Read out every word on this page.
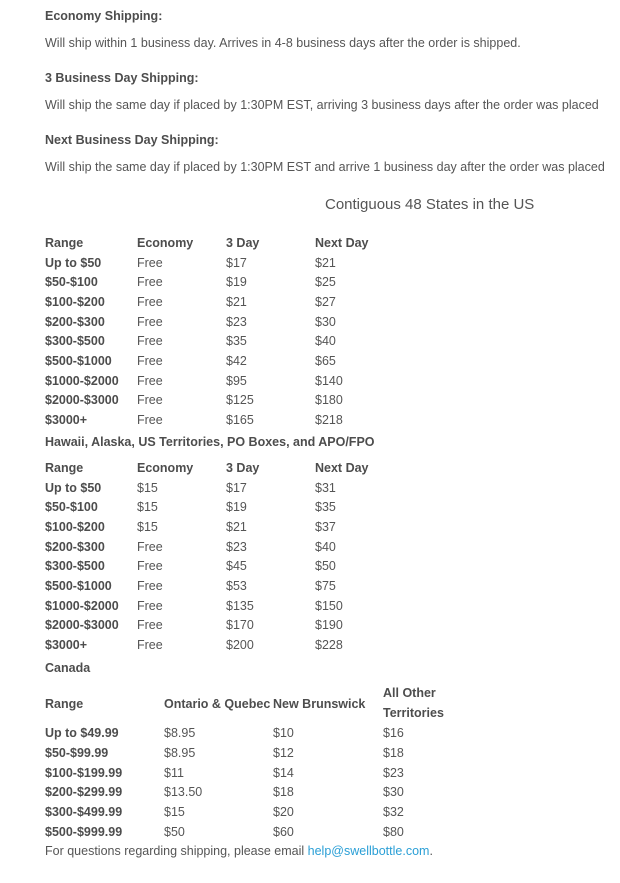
Economy Shipping:
Will ship within 1 business day. Arrives in 4-8 business days after the order is shipped.
3 Business Day Shipping:
Will ship the same day if placed by 1:30PM EST, arriving 3 business days after the order was placed
Next Business Day Shipping:
Will ship the same day if placed by 1:30PM EST and arrive 1 business day after the order was placed
Contiguous 48 States in the US
Range	Economy	3 Day	Next Day
Up to $50	Free	$17	$21
$50-$100	Free	$19	$25
$100-$200	Free	$21	$27
$200-$300	Free	$23	$30
$300-$500	Free	$35	$40
$500-$1000	Free	$42	$65
$1000-$2000	Free	$95	$140
$2000-$3000	Free	$125	$180
$3000+	Free	$165	$218
Hawaii, Alaska, US Territories, PO Boxes, and APO/FPO
Range	Economy	3 Day	Next Day
Up to $50	$15	$17	$31
$50-$100	$15	$19	$35
$100-$200	$15	$21	$37
$200-$300	Free	$23	$40
$300-$500	Free	$45	$50
$500-$1000	Free	$53	$75
$1000-$2000	Free	$135	$150
$2000-$3000	Free	$170	$190
$3000+	Free	$200	$228
Canada
Range	Ontario & Quebec	New Brunswick	All Other
Territories
Up to $49.99	$8.95	$10	$16
$50-$99.99	$8.95	$12	$18
$100-$199.99	$11	$14	$23
$200-$299.99	$13.50	$18	$30
$300-$499.99	$15	$20	$32
$500-$999.99	$50	$60	$80
For questions regarding shipping, please email help@swellbottle.com.
